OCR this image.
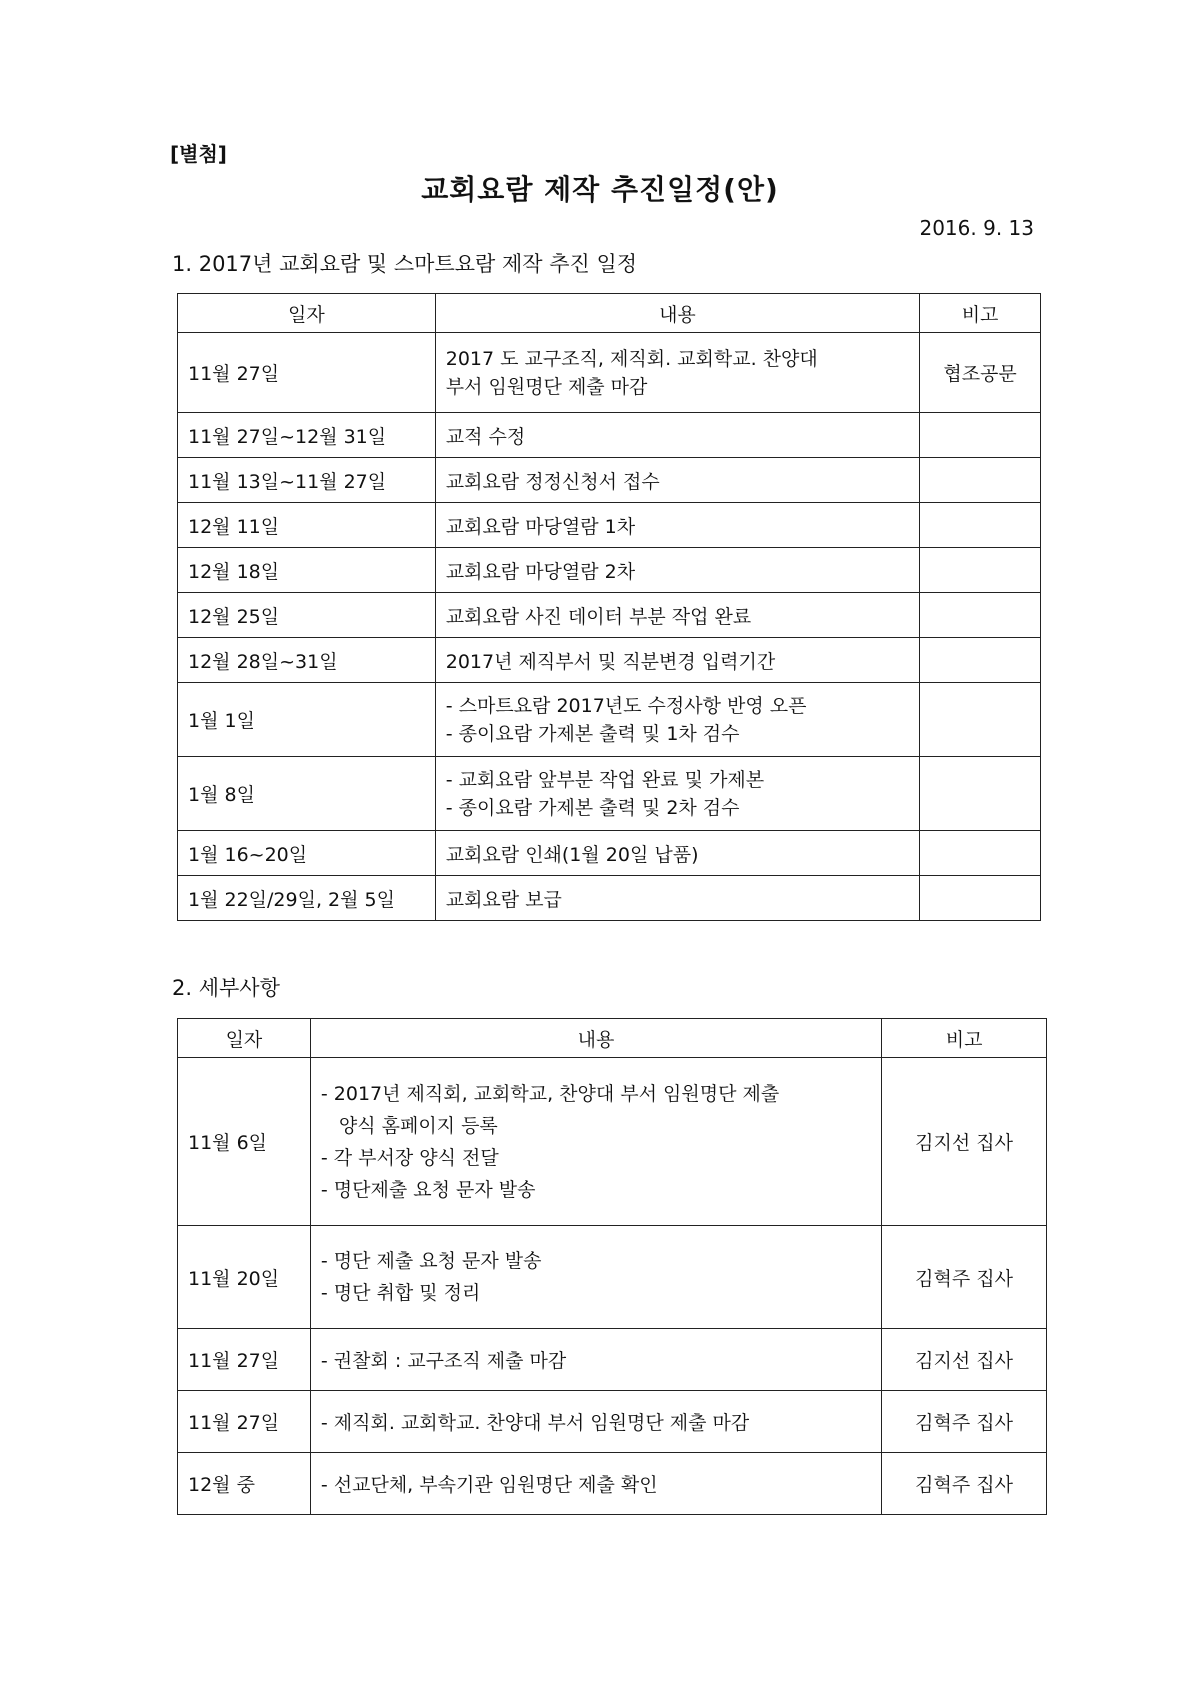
[별첨]
교회요람 제작 추진일정(안)
2016. 9. 13
1. 2017년 교회요람 및 스마트요람 제작 추진 일정
일자	내용	비고
11월 27일	2017 도 교구조직, 제직회. 교회학교. 찬양대
부서 임원명단 제출 마감	협조공문
11월 27일~12월 31일	교적 수정	
11월 13일~11월 27일	교회요람 정정신청서 접수	
12월 11일	교회요람 마당열람 1차	
12월 18일	교회요람 마당열람 2차	
12월 25일	교회요람 사진 데이터 부분 작업 완료	
12월 28일~31일	2017년 제직부서 및 직분변경 입력기간	
1월 1일	- 스마트요람 2017년도 수정사항 반영 오픈
- 종이요람 가제본 출력 및 1차 검수	

1월 8일	- 교회요람 앞부분 작업 완료 및 가제본
- 종이요람 가제본 출력 및 2차 검수	

1월 16~20일	교회요람 인쇄(1월 20일 납품)	
1월 22일/29일, 2월 5일	교회요람 보급	
2. 세부사항
일자	내용	비고
11월 6일	- 2017년 제직회, 교회학교, 찬양대 부서 임원명단 제출
양식 홈페이지 등록
- 각 부서장 양식 전달
- 명단제출 요청 문자 발송	김지선 집사
11월 20일	- 명단 제출 요청 문자 발송
- 명단 취합 및 정리	김혁주 집사
11월 27일	- 권찰회 : 교구조직 제출 마감	김지선 집사
11월 27일	- 제직회. 교회학교. 찬양대 부서 임원명단 제출 마감	김혁주 집사
12월 중	- 선교단체, 부속기관 임원명단 제출 확인	김혁주 집사
